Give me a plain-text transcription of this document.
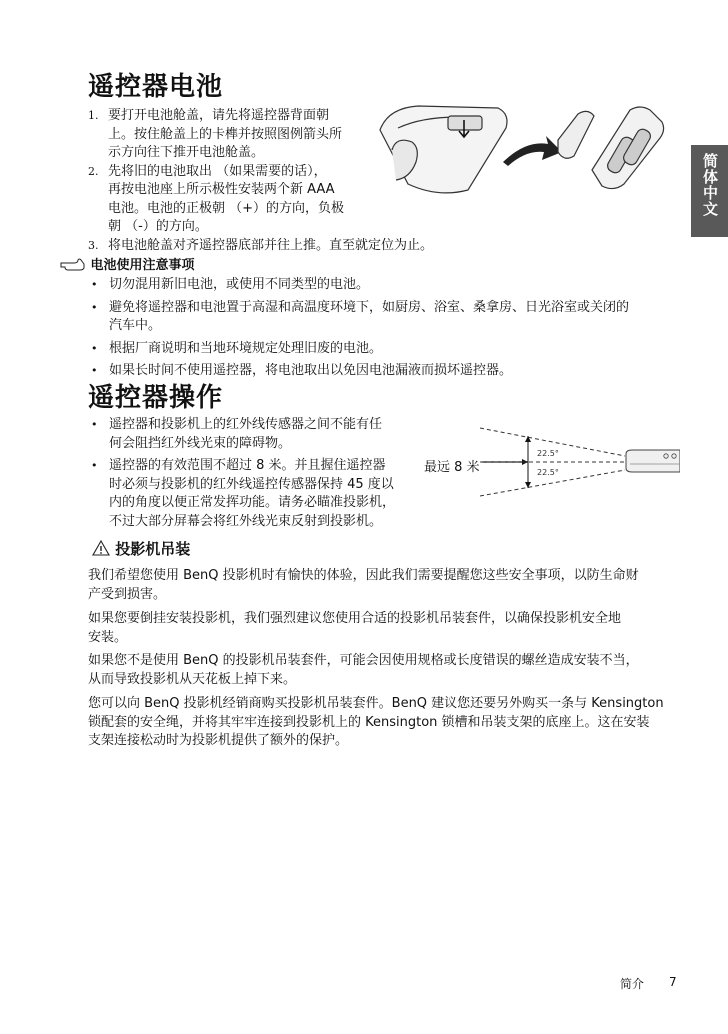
简体中文
遥控器电池
1. 要打开电池舱盖，请先将遥控器背面朝
上。按住舱盖上的卡榫并按照图例箭头所
示方向往下推开电池舱盖。
2. 先将旧的电池取出 （如果需要的话），
再按电池座上所示极性安装两个新 AAA
电池。电池的正极朝 （+）的方向，负极
朝 （-）的方向。
3. 将电池舱盖对齐遥控器底部并往上推。直至就定位为止。
电池使用注意事项
• 切勿混用新旧电池，或使用不同类型的电池。
• 避免将遥控器和电池置于高湿和高温度环境下，如厨房、浴室、桑拿房、日光浴室或关闭的
汽车中。
• 根据厂商说明和当地环境规定处理旧废的电池。
• 如果长时间不使用遥控器，将电池取出以免因电池漏液而损坏遥控器。
遥控器操作
• 遥控器和投影机上的红外线传感器之间不能有任
何会阻挡红外线光束的障碍物。
• 遥控器的有效范围不超过 8 米。并且握住遥控器
时必须与投影机的红外线遥控传感器保持 45 度以
内的角度以便正常发挥功能。请务必瞄准投影机，
不过大部分屏幕会将红外线光束反射到投影机。
最远 8 米
22.5°
22.5°
投影机吊装

我们希望您使用 BenQ 投影机时有愉快的体验，因此我们需要提醒您这些安全事项，以防生命财
产受到损害。

如果您要倒挂安装投影机，我们强烈建议您使用合适的投影机吊装套件，以确保投影机安全地
安装。

如果您不是使用 BenQ 的投影机吊装套件，可能会因使用规格或长度错误的螺丝造成安装不当，
从而导致投影机从天花板上掉下来。

您可以向 BenQ 投影机经销商购买投影机吊装套件。BenQ 建议您还要另外购买一条与 Kensington
锁配套的安全绳，并将其牢牢连接到投影机上的 Kensington 锁槽和吊装支架的底座上。这在安装
支架连接松动时为投影机提供了额外的保护。

简介 7
